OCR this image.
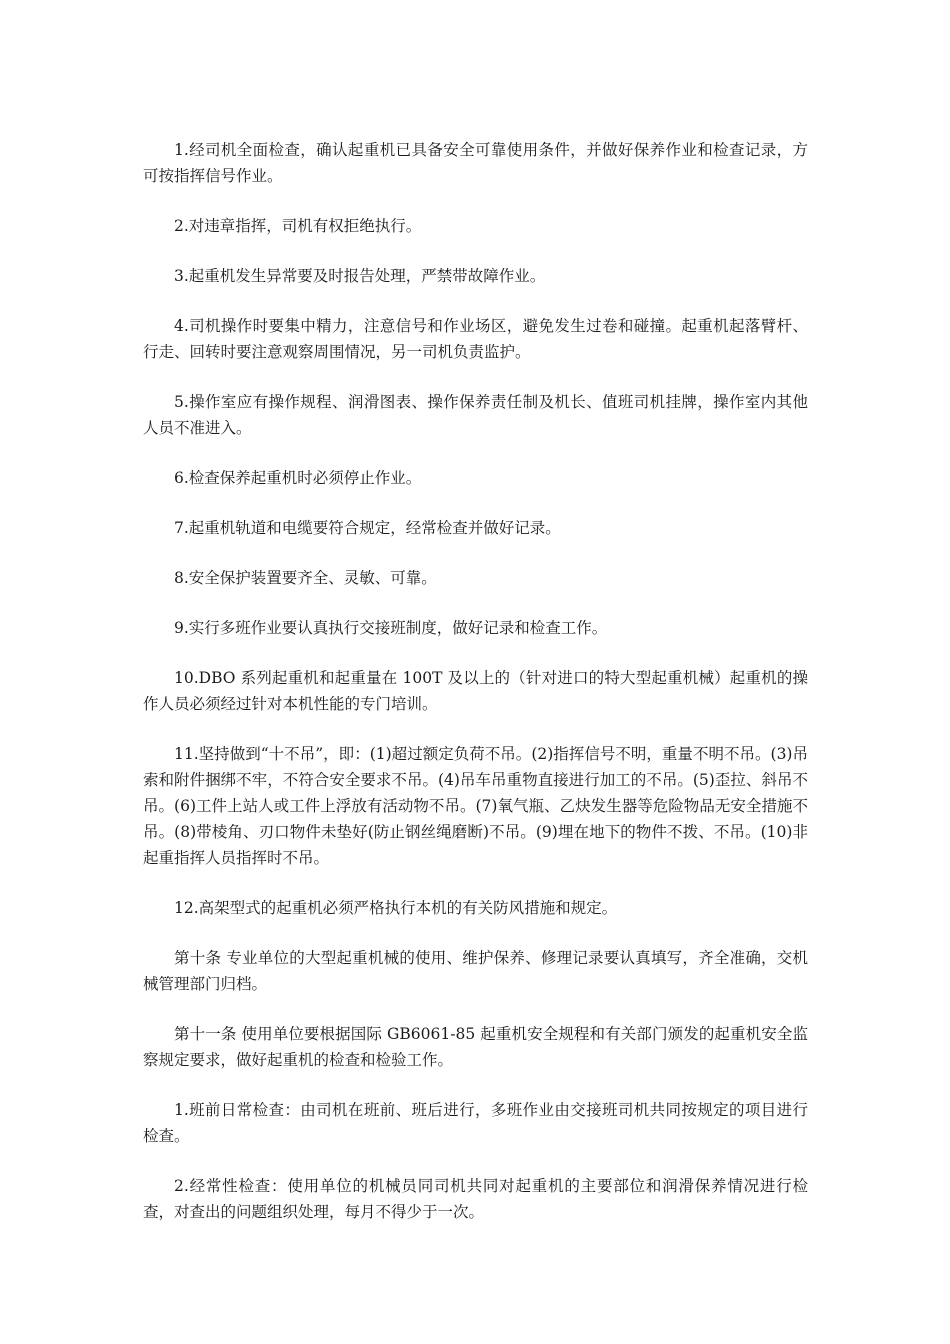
1.经司机全面检查，确认起重机已具备安全可靠使用条件，并做好保养作业和检查记录，方可按指挥信号作业。

2.对违章指挥，司机有权拒绝执行。

3.起重机发生异常要及时报告处理，严禁带故障作业。

4.司机操作时要集中精力，注意信号和作业场区，避免发生过卷和碰撞。起重机起落臂杆、行走、回转时要注意观察周围情况，另一司机负责监护。

5.操作室应有操作规程、润滑图表、操作保养责任制及机长、值班司机挂牌，操作室内其他人员不准进入。

6.检查保养起重机时必须停止作业。

7.起重机轨道和电缆要符合规定，经常检查并做好记录。

8.安全保护装置要齐全、灵敏、可靠。

9.实行多班作业要认真执行交接班制度，做好记录和检查工作。

10.DBO 系列起重机和起重量在 100T 及以上的（针对进口的特大型起重机械）起重机的操作人员必须经过针对本机性能的专门培训。

11.坚持做到“十不吊”，即：(1)超过额定负荷不吊。(2)指挥信号不明，重量不明不吊。(3)吊索和附件捆绑不牢，不符合安全要求不吊。(4)吊车吊重物直接进行加工的不吊。(5)歪拉、斜吊不吊。(6)工件上站人或工件上浮放有活动物不吊。(7)氧气瓶、乙炔发生器等危险物品无安全措施不吊。(8)带棱角、刃口物件未垫好(防止钢丝绳磨断)不吊。(9)埋在地下的物件不拨、不吊。(10)非起重指挥人员指挥时不吊。

12.高架型式的起重机必须严格执行本机的有关防风措施和规定。

第十条 专业单位的大型起重机械的使用、维护保养、修理记录要认真填写，齐全准确，交机械管理部门归档。

第十一条 使用单位要根据国际 GB6061-85 起重机安全规程和有关部门颁发的起重机安全监察规定要求，做好起重机的检查和检验工作。

1.班前日常检查：由司机在班前、班后进行，多班作业由交接班司机共同按规定的项目进行检查。

2.经常性检查：使用单位的机械员同司机共同对起重机的主要部位和润滑保养情况进行检查，对查出的问题组织处理，每月不得少于一次。
